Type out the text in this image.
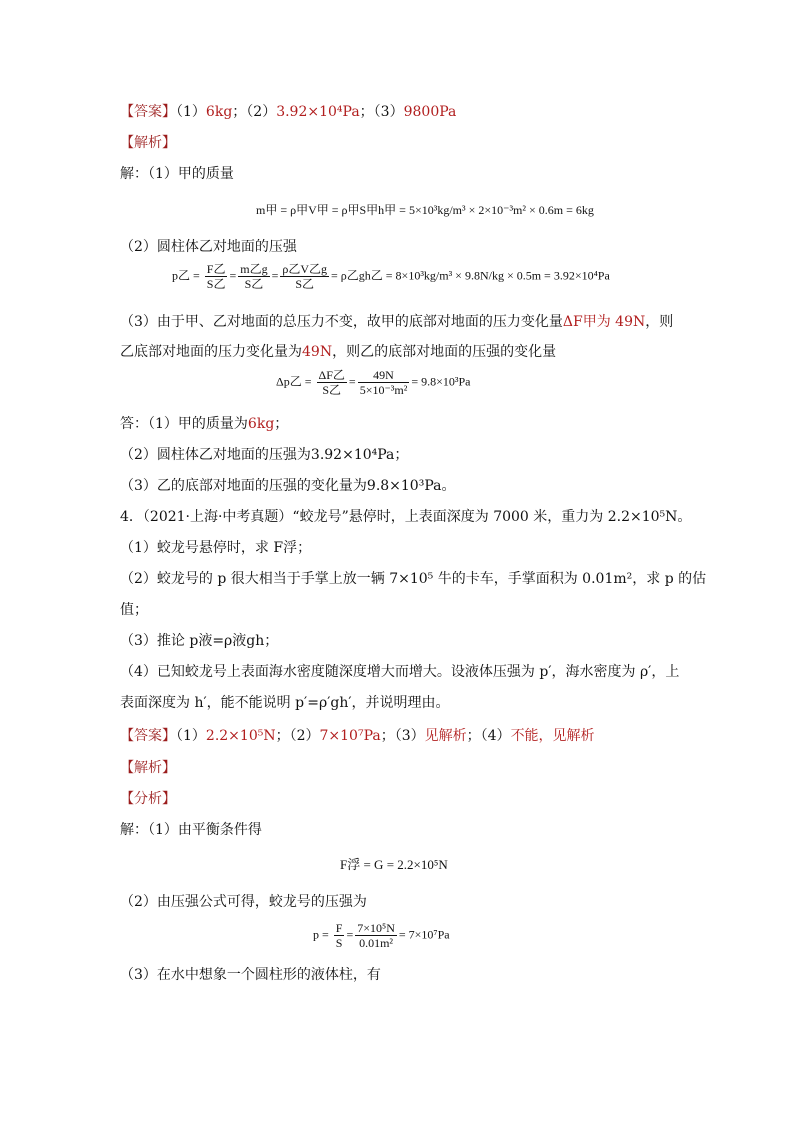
【答案】（1）6kg；（2）3.92×10⁴Pa；（3）9800Pa
【解析】
解：（1）甲的质量
m甲 = ρ甲V甲 = ρ甲S甲h甲 = 5×10³kg/m³ × 2×10⁻³m² × 0.6m = 6kg
（2）圆柱体乙对地面的压强
p乙 = $\frac{\text{F乙}}{\text{S乙}} = \frac{\text{m乙g}}{\text{S乙}} = \frac{\text{ρ乙V乙g}}{\text{S乙}} = \rho$乙gh乙 = 8×10³kg/m³ × 9.8N/kg × 0.5m = 3.92×10⁴Pa
（3）由于甲、乙对地面的总压力不变，故甲的底部对地面的压力变化量ΔF甲为 49N，则
乙底部对地面的压力变化量为49N，则乙的底部对地面的压强的变化量
Δp乙 = $\frac{\text{ΔF乙}}{\text{S乙}} = \frac{49N}{\text{5×10⁻³m²}} = 9.8\times 10^3Pa$
答：（1）甲的质量为6kg；
（2）圆柱体乙对地面的压强为3.92×10⁴Pa；
（3）乙的底部对地面的压强的变化量为9.8×10³Pa。
4．（2021·上海·中考真题）“蛟龙号”悬停时，上表面深度为 7000 米，重力为 2.2×10⁵N。
（1）蛟龙号悬停时，求 F浮；
（2）蛟龙号的 p 很大相当于手掌上放一辆 7×10⁵ 牛的卡车，手掌面积为 0.01m²，求 p 的估
值；
（3）推论 p液=ρ液gh；
（4）已知蛟龙号上表面海水密度随深度增大而增大。设液体压强为 p′，海水密度为 ρ′，上
表面深度为 h′，能不能说明 p′=ρ′gh′，并说明理由。
【答案】（1）2.2×10⁵N；（2）7×10⁷Pa；（3）见解析；（4）不能，见解析
【解析】
【分析】
解：（1）由平衡条件得
F浮 = G = 2.2×10⁵N
（2）由压强公式可得，蛟龙号的压强为
$p = \frac{F}{S} = \frac{\text{7×10⁵N}}{\text{0.01m²}} = 7\times 10^7Pa$
（3）在水中想象一个圆柱形的液体柱，有
